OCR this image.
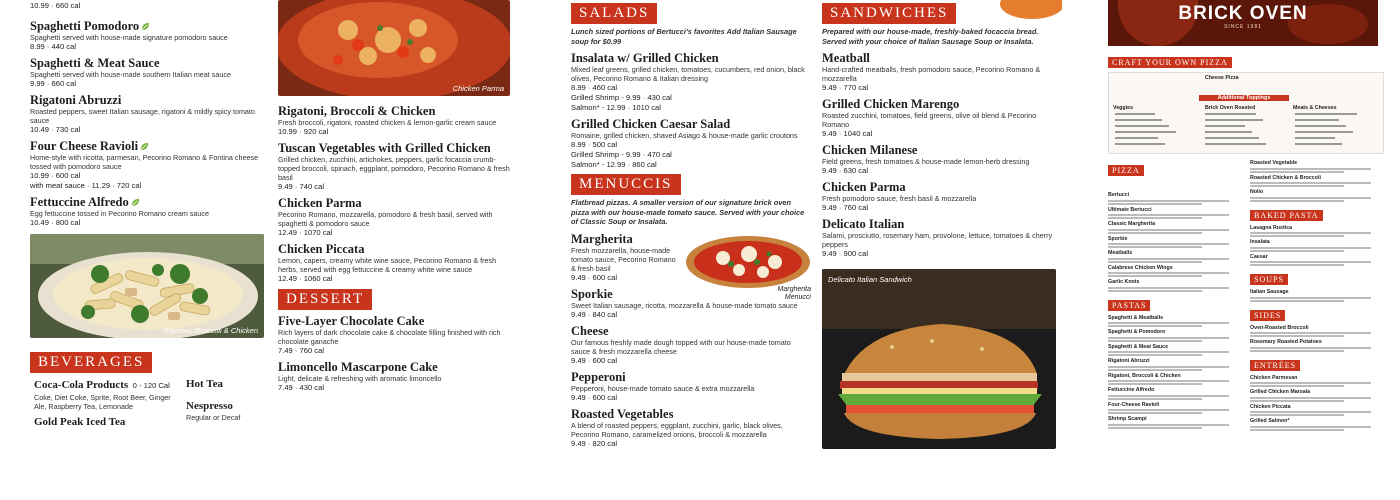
10.99 · 660 cal
Spaghetti Pomodoro
Spaghetti served with house-made signature pomodoro sauce
8.99 · 440 cal
Spaghetti & Meat Sauce
Spaghetti served with house-made southern Italian meat sauce
9.99 · 660 cal
Rigatoni Abruzzi
Roasted peppers, sweet Italian sausage, rigatoni & mildly spicy tomato sauce
10.49 · 730 cal
Four Cheese Ravioli
Home-style with ricotta, parmesan, Pecorino Romano & Fontina cheese tossed with pomodoro sauce
10.99 · 600 cal
with meat sauce · 11.29 · 720 cal
Fettuccine Alfredo
Egg fettuccine tossed in Pecorino Romano cream sauce
10.49 · 800 cal
Rigatoni, Broccoli & Chicken
BEVERAGES
Coca-Cola Products 0 - 120 Cal
Coke, Diet Coke, Sprite, Root Beer, Ginger Ale, Raspberry Tea, Lemonade
Gold Peak Iced Tea
Hot Tea
Nespresso
Regular or Decaf
Chicken Parma
Rigatoni, Broccoli & Chicken
Fresh broccoli, rigatoni, roasted chicken & lemon-garlic cream sauce
10.99 · 920 cal
Tuscan Vegetables with Grilled Chicken
Grilled chicken, zucchini, artichokes, peppers, garlic focaccia crumb-topped broccoli, spinach, eggplant, pomodoro, Pecorino Romano & fresh basil
9.49 · 740 cal
Chicken Parma
Pecorino Romano, mozzarella, pomodoro & fresh basil, served with spaghetti & pomodoro sauce
12.49 · 1070 cal
Chicken Piccata
Lemon, capers, creamy white wine sauce, Pecorino Romano & fresh herbs, served with egg fettuccine & creamy white wine sauce
12.49 · 1060 cal
DESSERT
Five-Layer Chocolate Cake
Rich layers of dark chocolate cake & chocolate filling finished with rich chocolate ganache
7.49 · 760 cal
Limoncello Mascarpone Cake
Light, delicate & refreshing with aromatic limoncello
7.49 · 430 cal
SALADS
Lunch sized portions of Bertucci's favorites Add Italian Sausage soup for $0.99
Insalata w/ Grilled Chicken
Mixed leaf greens, grilled chicken, tomatoes, cucumbers, red onion, black olives, Pecorino Romano & Italian dressing
8.99 · 460 cal
Grilled Shrimp - 9.99 · 430 cal
Salmon* - 12.99 · 1010 cal
Grilled Chicken Caesar Salad
Romaine, grilled chicken, shaved Asiago & house-made garlic croutons
8.99 · 500 cal
Grilled Shrimp - 9.99 · 470 cal
Salmon* - 12.99 · 860 cal
MENUCCIS
Flatbread pizzas. A smaller version of our signature brick oven pizza with our house-made tomato sauce. Served with your choice of Classic Soup or Insalata.
Margherita
Fresh mozzarella, house-made tomato sauce, Pecorino Romano & fresh basil
9.49 · 600 cal
Sporkie
Sweet Italian sausage, ricotta, mozzarella & house-made tomato sauce
9.49 · 840 cal
Cheese
Our famous freshly made dough topped with our house-made tomato sauce & fresh mozzarella cheese
9.49 · 600 cal
Pepperoni
Pepperoni, house-made tomato sauce & extra mozzarella
9.49 · 600 cal
Roasted Vegetables
A blend of roasted peppers, eggplant, zucchini, garlic, black olives, Pecorino Romano, caramelized onions, broccoli & mozzarella
9.49 · 820 cal
Margherita Menucci
SANDWICHES
Prepared with our house-made, freshly-baked focaccia bread. Served with your choice of Italian Sausage Soup or Insalata.
Meatball
Hand-crafted meatballs, fresh pomodoro sauce, Pecorino Romano & mozzarella
9.49 · 770 cal
Grilled Chicken Marengo
Roasted zucchini, tomatoes, field greens, olive oil blend & Pecorino Romano
9.49 · 1040 cal
Chicken Milanese
Field greens, fresh tomatoes & house-made lemon-herb dressing
9.49 · 630 cal
Chicken Parma
Fresh pomodoro sauce, fresh basil & mozzarella
9.49 · 760 cal
Delicato Italian
Salami, prosciutto, rosemary ham, provolone, lettuce, tomatoes & cherry peppers
9.49 · 900 cal
Delicato Italian Sandwich
BRICK OVEN
SINCE 1981
CRAFT YOUR OWN PIZZA
Cheese Pizza
Additional Toppings
Veggies	Brick Oven Roasted	Meats & Cheeses
PIZZA
Bertucci
Ultimate Bertucci
Classic Margherita
Sporkie
Meatballs
Calabrese Chicken Wings
Garlic Knots
PASTAS
Spaghetti & Meatballs
Spaghetti & Pomodoro
Spaghetti & Meat Sauce
Rigatoni Abruzzi
Rigatoni, Broccoli & Chicken
Fettuccine Alfredo
Four-Cheese Ravioli
Shrimp Scampi
Roasted Vegetable
Roasted Chicken & Broccoli
Nolio
BAKED PASTA
Lasagna Rustica
Insalata
Caesar
SOUPS
Italian Sausage
SIDES
Oven-Roasted Broccoli
Rosemary Roasted Potatoes
ENTRÉES
Chicken Parmesan
Grilled Chicken Marsala
Chicken Piccata
Grilled Salmon*
